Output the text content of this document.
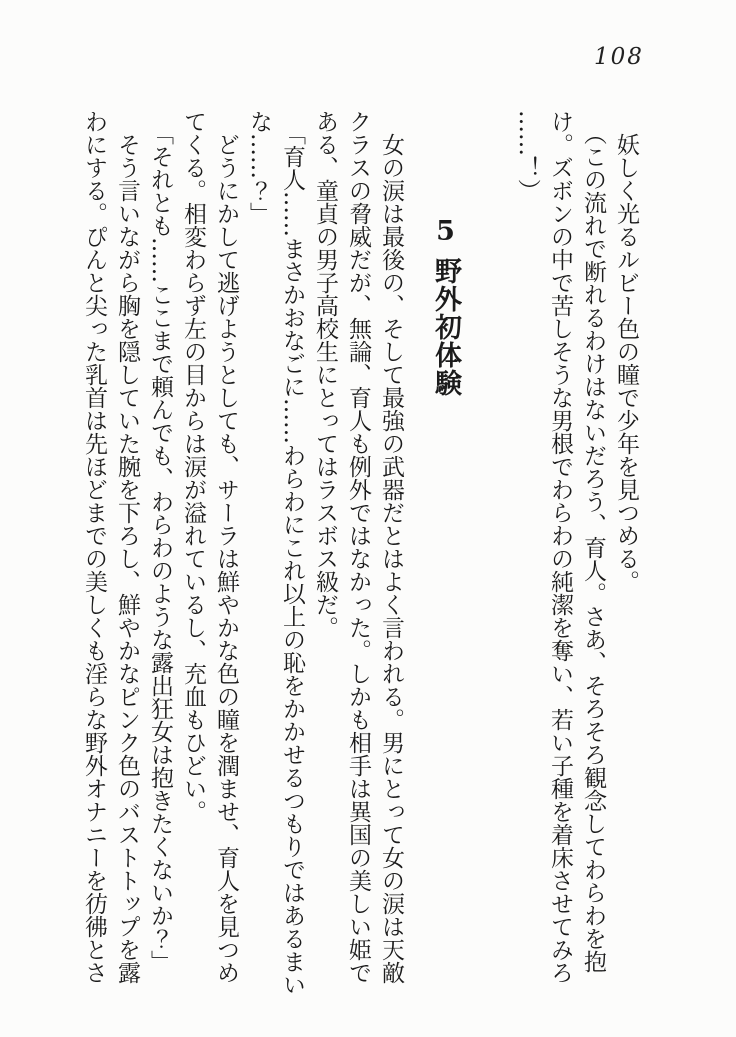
108

妖しく光るルビー色の瞳で少年を見つめる。

（この流れで断れるわけはないだろう、育人。さあ、そろそろ観念してわらわを抱

け。ズボンの中で苦しそうな男根でわらわの純潔を奪い、若い子種を着床させてみろ

……！）

5野外初体験

女の涙は最後の、そして最強の武器だとはよく言われる。男にとって女の涙は天敵

クラスの脅威だが、無論、育人も例外ではなかった。しかも相手は異国の美しい姫で

ある、童貞の男子高校生にとってはラスボス級だ。

「育人……まさかおなごに……わらわにこれ以上の恥をかかせるつもりではあるまい

な……？」

どうにかして逃げようとしても、サーラは鮮やかな色の瞳を潤ませ、育人を見つめ

てくる。相変わらず左の目からは涙が溢れているし、充血もひどい。

「それとも……ここまで頼んでも、わらわのような露出狂女は抱きたくないか？」

そう言いながら胸を隠していた腕を下ろし、鮮やかなピンク色のバストトップを露

わにする。ぴんと尖った乳首は先ほどまでの美しくも淫らな野外オナニーを彷彿とさ
